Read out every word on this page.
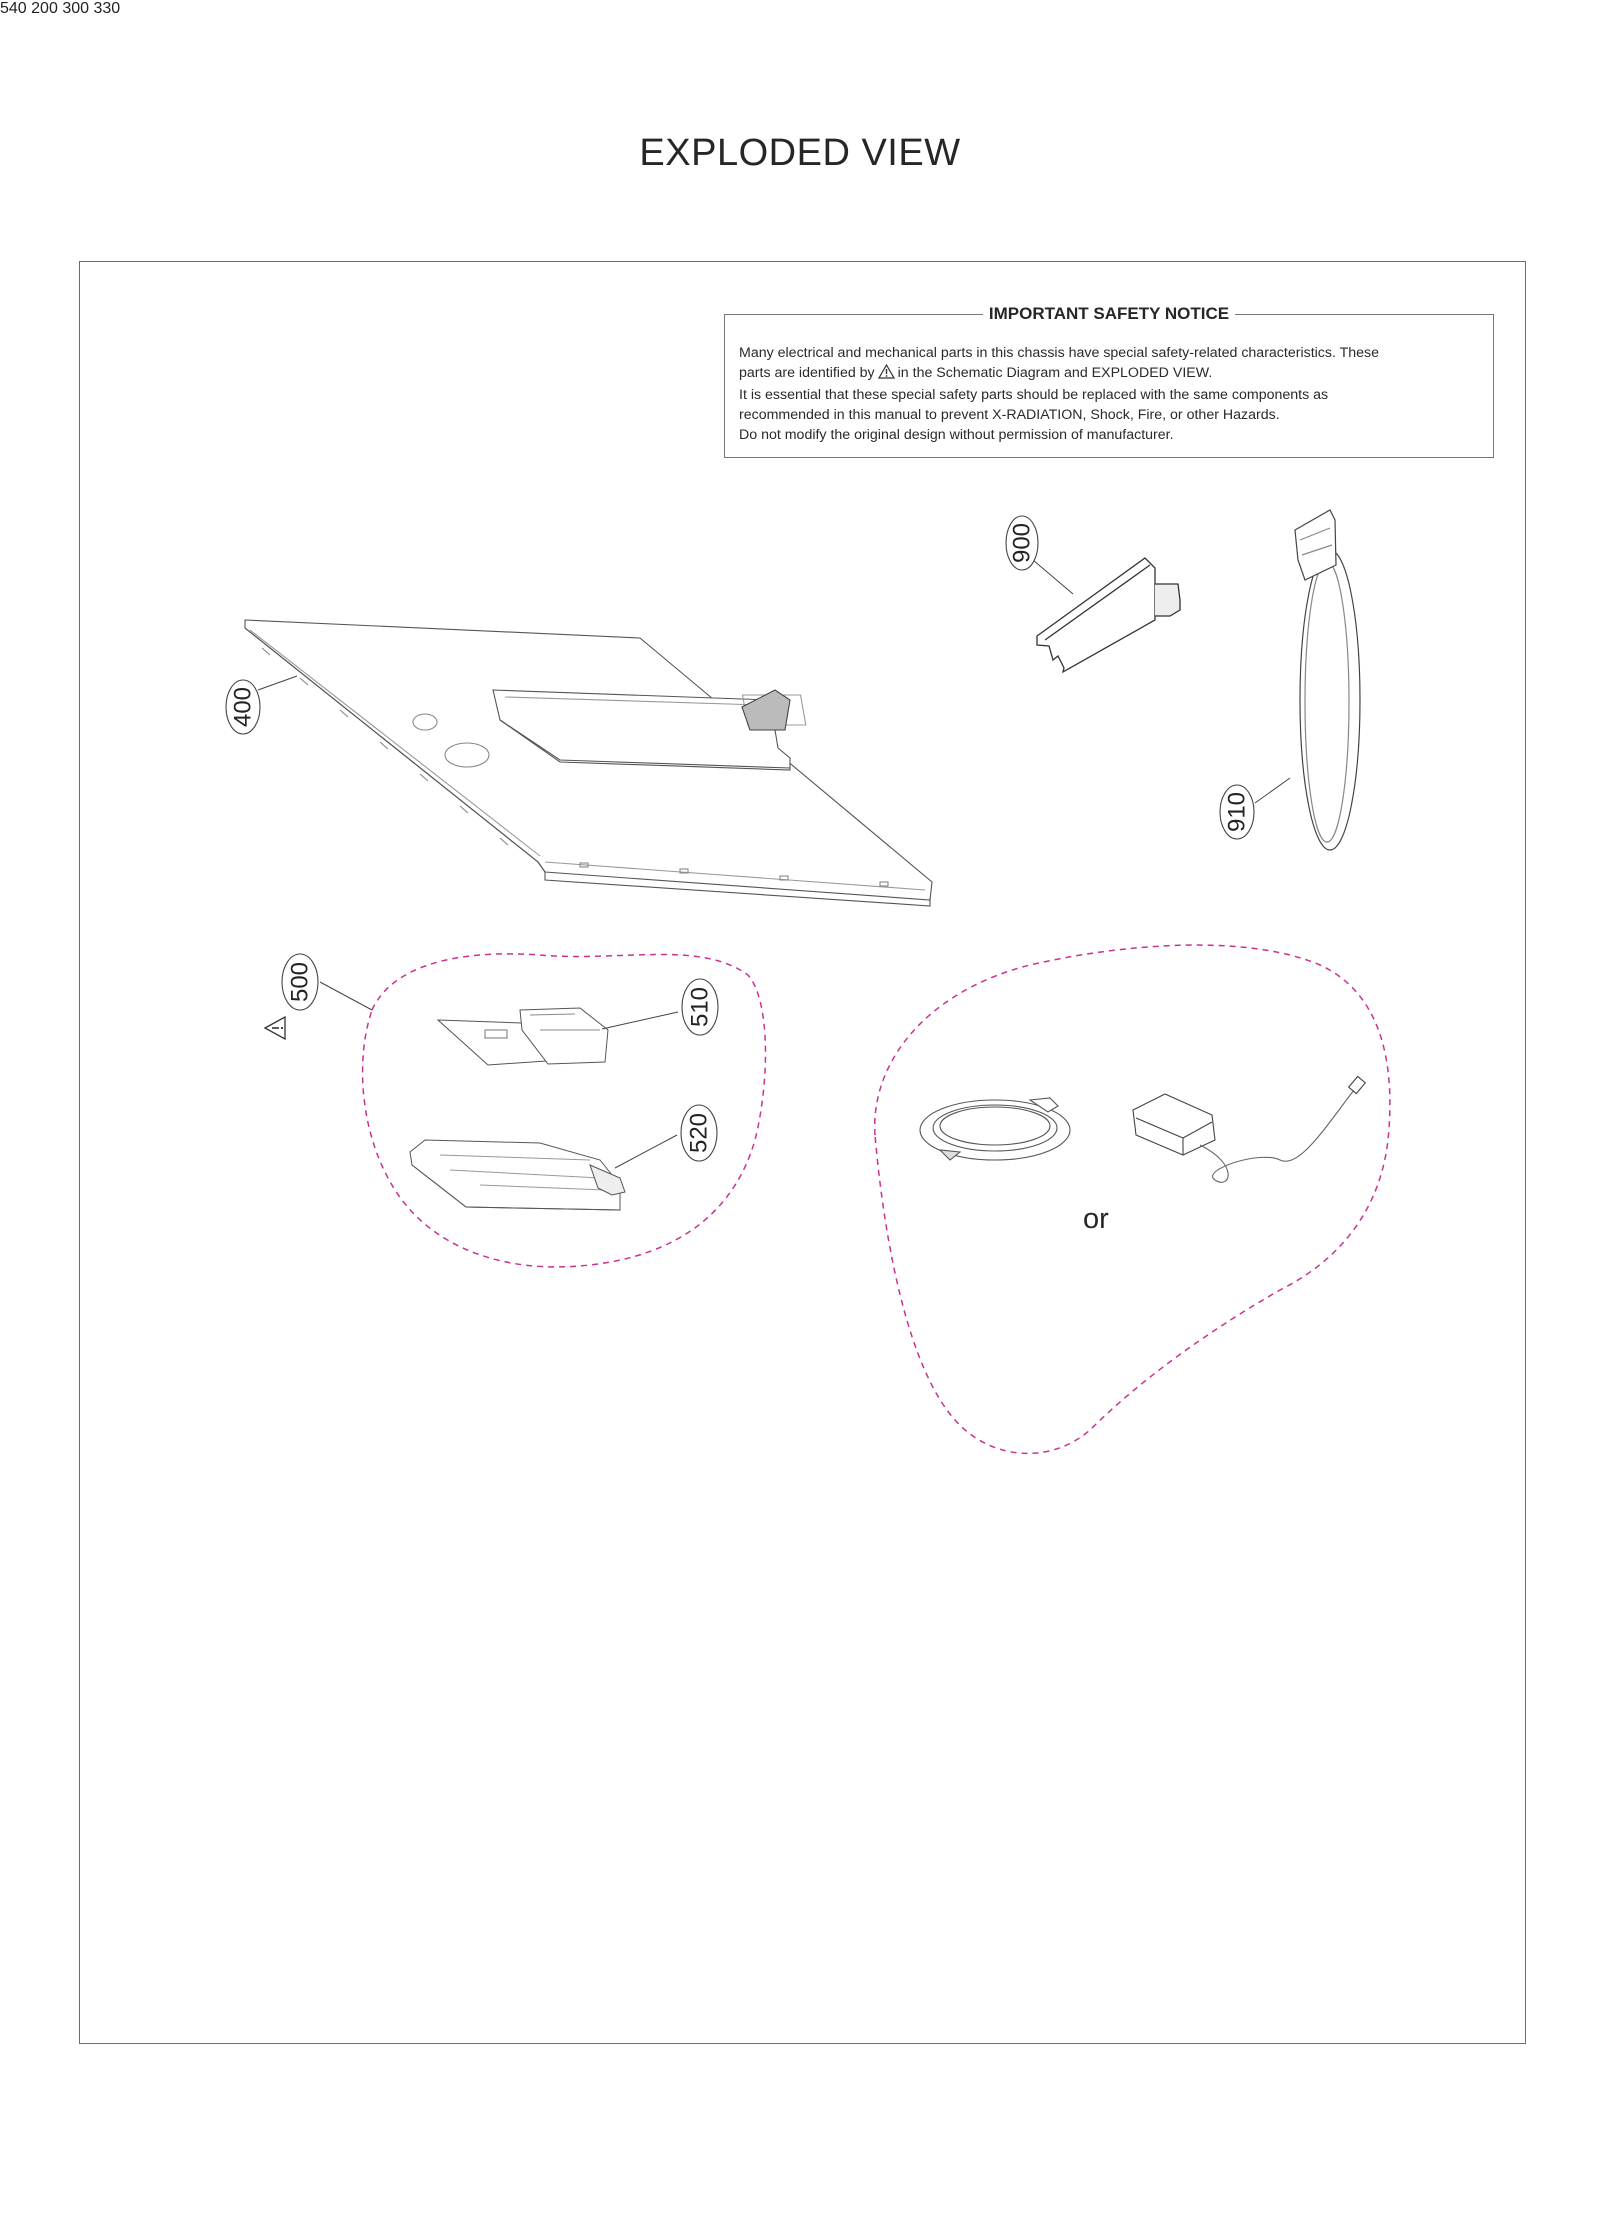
EXPLODED VIEW
IMPORTANT SAFETY NOTICE

Many electrical and mechanical parts in this chassis have special safety-related characteristics. These

parts are identified by in the Schematic Diagram and EXPLODED VIEW.

It is essential that these special safety parts should be replaced with the same components as

recommended in this manual to prevent X-RADIATION, Shock, Fire, or other Hazards.

Do not modify the original design without permission of manufacturer.

400
900
910
510
520
500
540 200 300 330
or
